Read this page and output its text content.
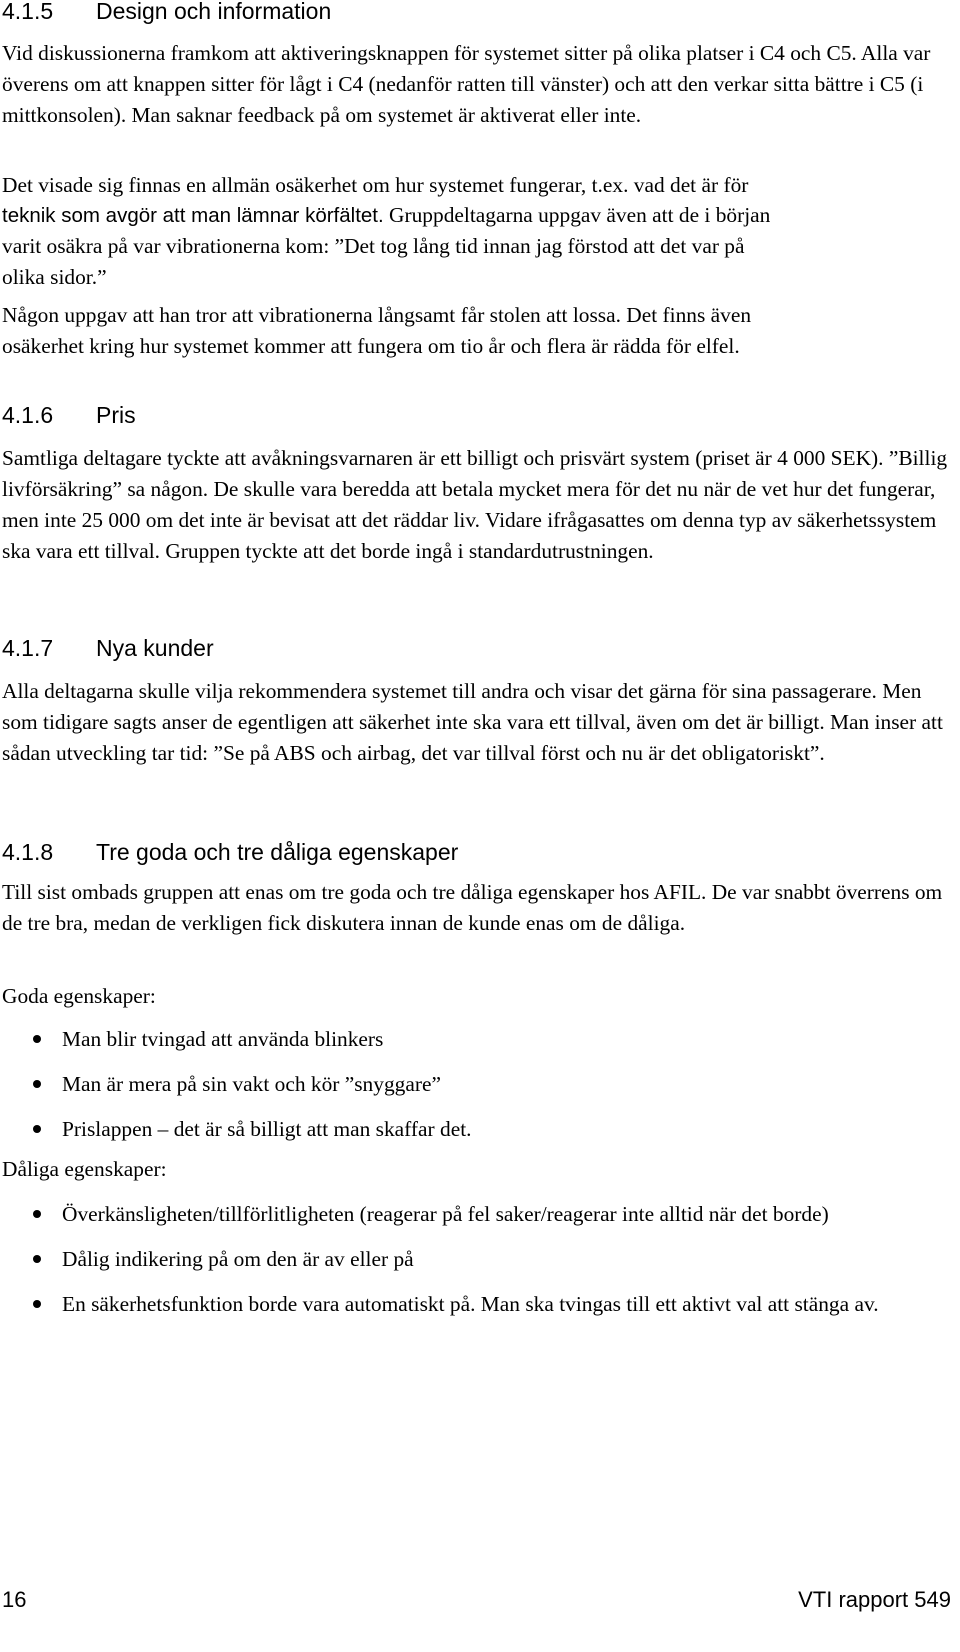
4.1.5 Design och information

Vid diskussionerna framkom att aktiveringsknappen för systemet sitter på olika platser i C4 och C5. Alla var överens om att knappen sitter för lågt i C4 (nedanför ratten till vänster) och att den verkar sitta bättre i C5 (i mittkonsolen). Man saknar feedback på om systemet är aktiverat eller inte.

Det visade sig finnas en allmän osäkerhet om hur systemet fungerar, t.ex. vad det är för
teknik som avgör att man lämnar körfältet. Gruppdeltagarna uppgav även att de i början
varit osäkra på var vibrationerna kom: ”Det tog lång tid innan jag förstod att det var på
olika sidor.”
Någon uppgav att han tror att vibrationerna långsamt får stolen att lossa. Det finns även
osäkerhet kring hur systemet kommer att fungera om tio år och flera är rädda för elfel.
4.1.6 Pris

Samtliga deltagare tyckte att avåkningsvarnaren är ett billigt och prisvärt system (priset är 4 000 SEK). ”Billig livförsäkring” sa någon. De skulle vara beredda att betala mycket mera för det nu när de vet hur det fungerar, men inte 25 000 om det inte är bevisat att det räddar liv. Vidare ifrågasattes om denna typ av säkerhetssystem ska vara ett tillval. Gruppen tyckte att det borde ingå i standardutrustningen.

4.1.7 Nya kunder

Alla deltagarna skulle vilja rekommendera systemet till andra och visar det gärna för sina passagerare. Men som tidigare sagts anser de egentligen att säkerhet inte ska vara ett tillval, även om det är billigt. Man inser att sådan utveckling tar tid: ”Se på ABS och airbag, det var tillval först och nu är det obligatoriskt”.

4.1.8 Tre goda och tre dåliga egenskaper

Till sist ombads gruppen att enas om tre goda och tre dåliga egenskaper hos AFIL. De var snabbt överrens om de tre bra, medan de verkligen fick diskutera innan de kunde enas om de dåliga.

Goda egenskaper:
Man blir tvingad att använda blinkers
Man är mera på sin vakt och kör ”snyggare”
Prislappen – det är så billigt att man skaffar det.
Dåliga egenskaper:
Överkänsligheten/tillförlitligheten (reagerar på fel saker/reagerar inte alltid när det borde)
Dålig indikering på om den är av eller på
En säkerhetsfunktion borde vara automatiskt på. Man ska tvingas till ett aktivt val att stänga av.
16	VTI rapport 549
